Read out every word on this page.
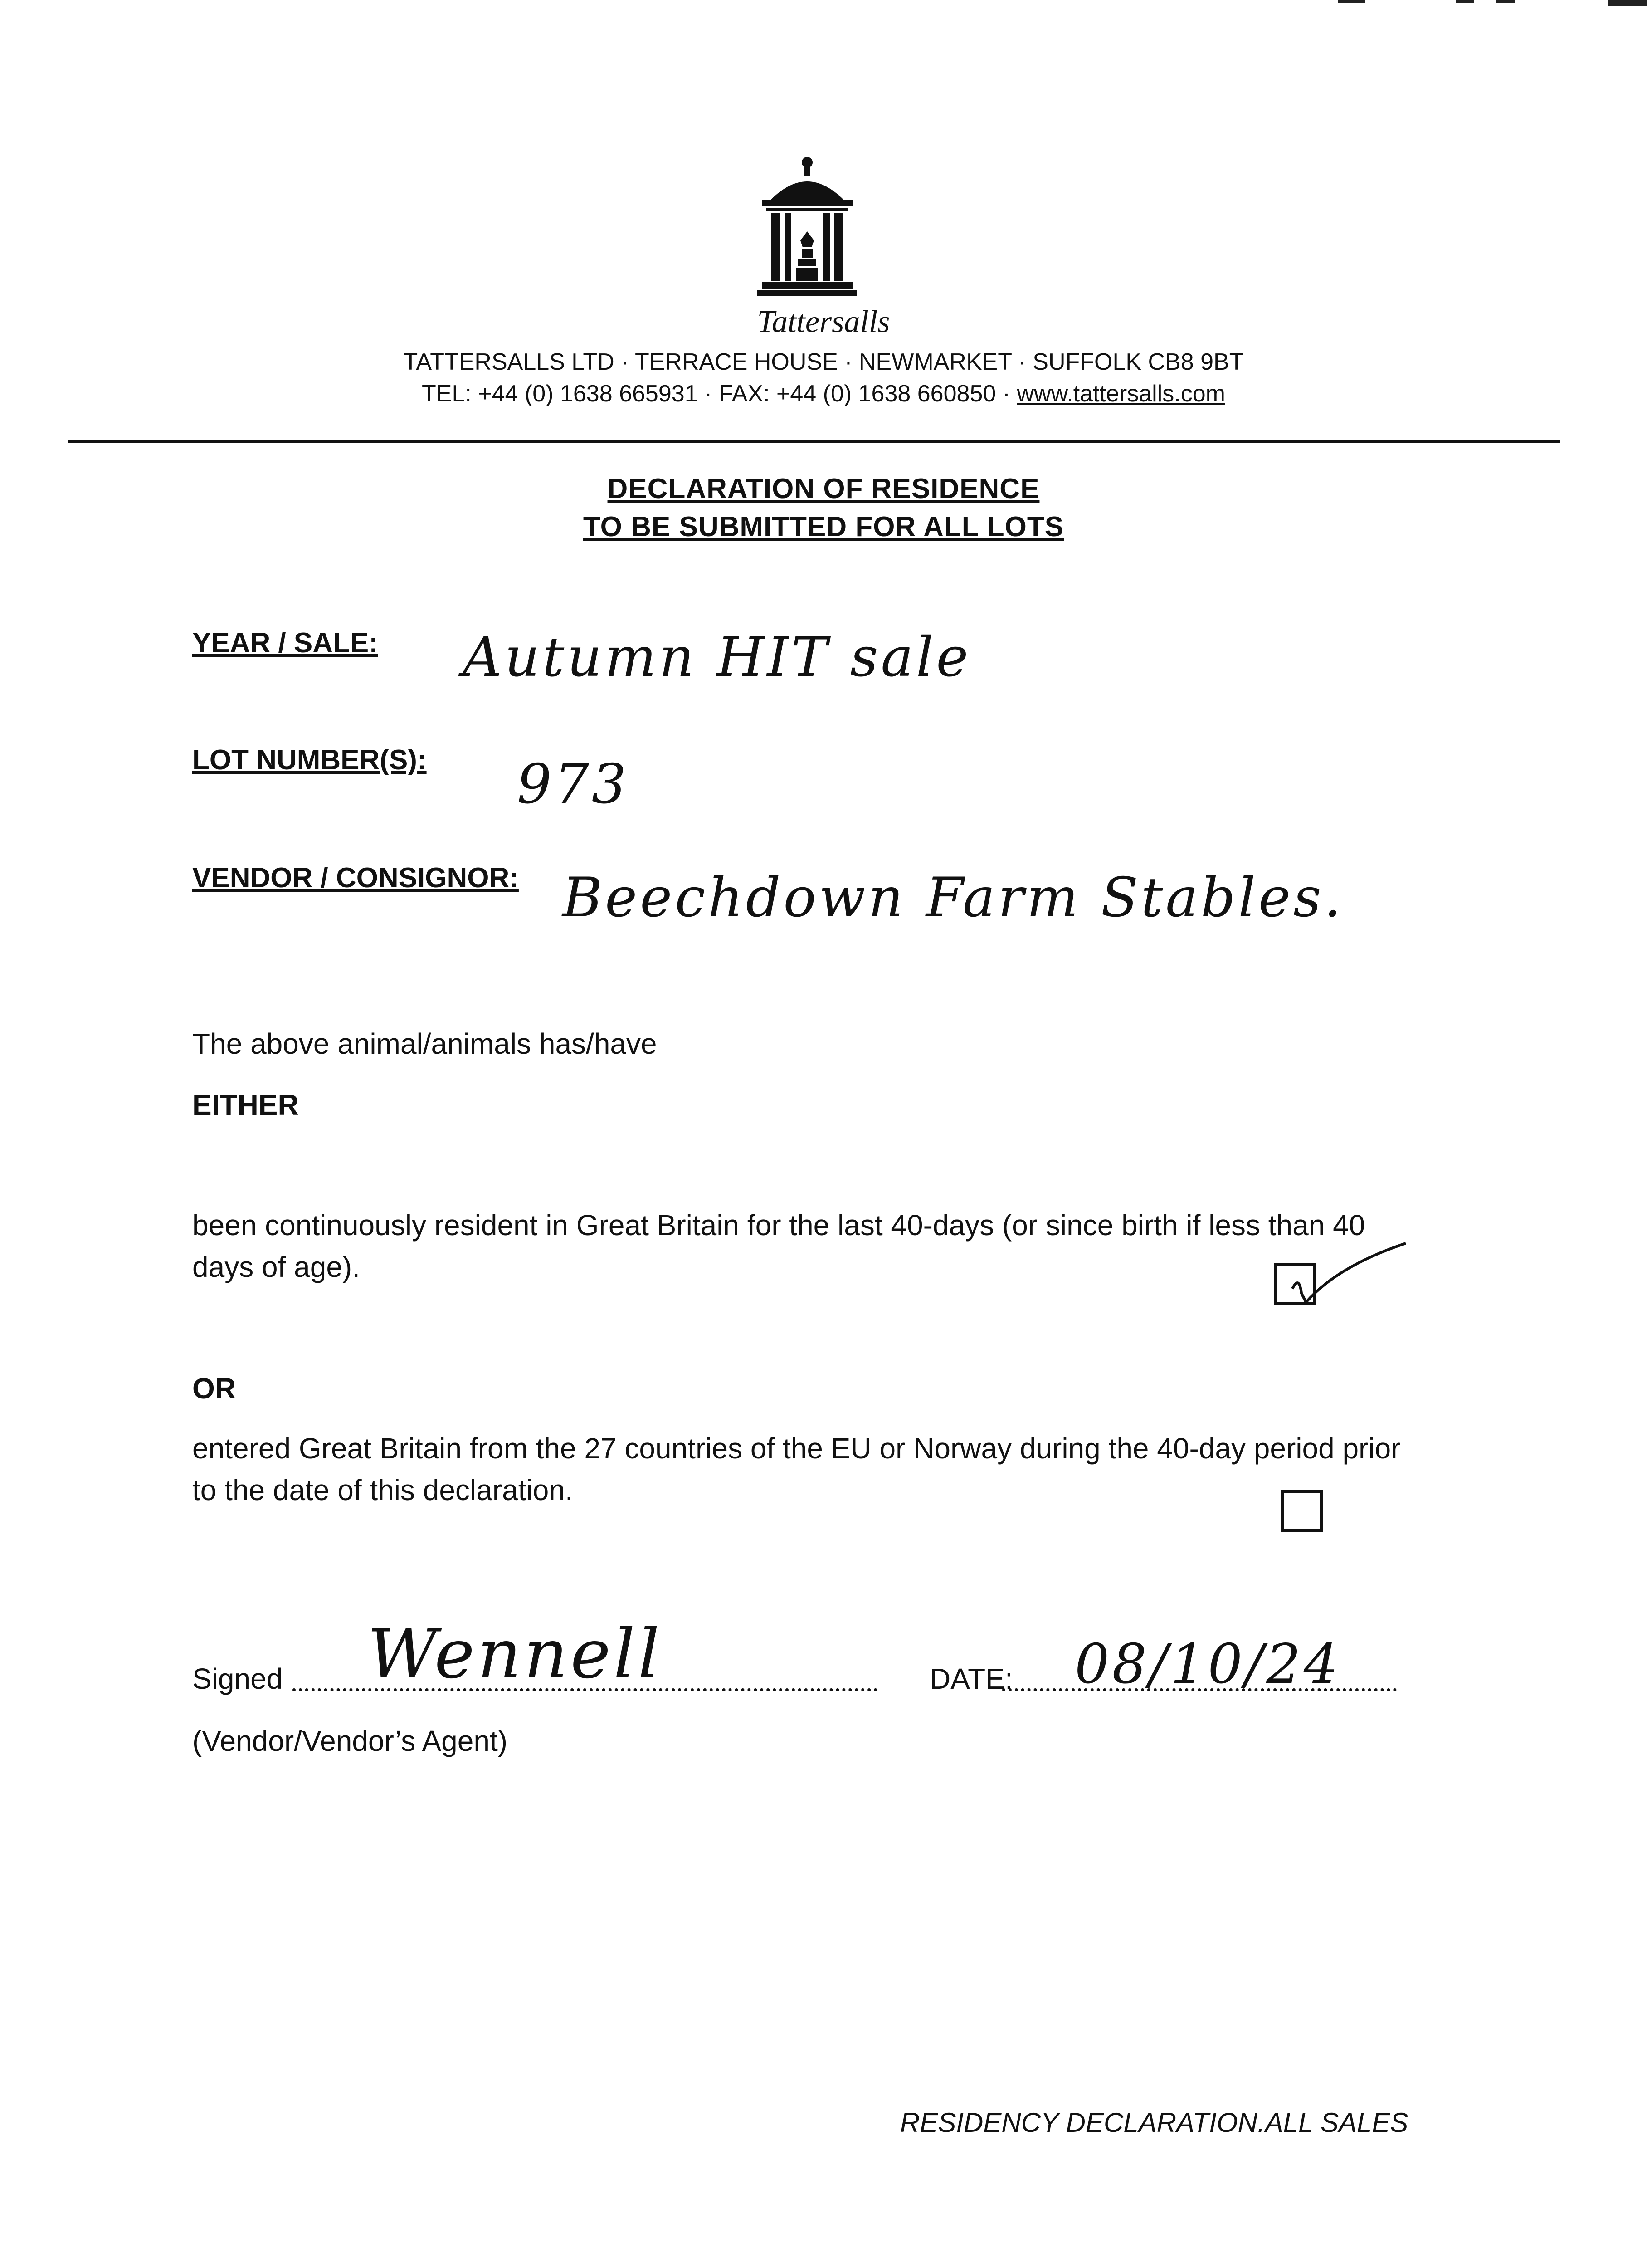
Tattersalls
TATTERSALLS LTD · TERRACE HOUSE · NEWMARKET · SUFFOLK CB8 9BT
TEL: +44 (0) 1638 665931 · FAX: +44 (0) 1638 660850 · www.tattersalls.com
DECLARATION OF RESIDENCE
TO BE SUBMITTED FOR ALL LOTS
YEAR / SALE: Autumn HIT sale
LOT NUMBER(S): 973
VENDOR / CONSIGNOR: Beechdown Farm Stables.
The above animal/animals has/have
EITHER
been continuously resident in Great Britain for the last 40-days (or since birth if less than 40 days of age).
OR
entered Great Britain from the 27 countries of the EU or Norway during the 40-day period prior to the date of this declaration.
Signed Wennell	DATE: 08/10/24
(Vendor/Vendor’s Agent)
RESIDENCY DECLARATION.ALL SALES
